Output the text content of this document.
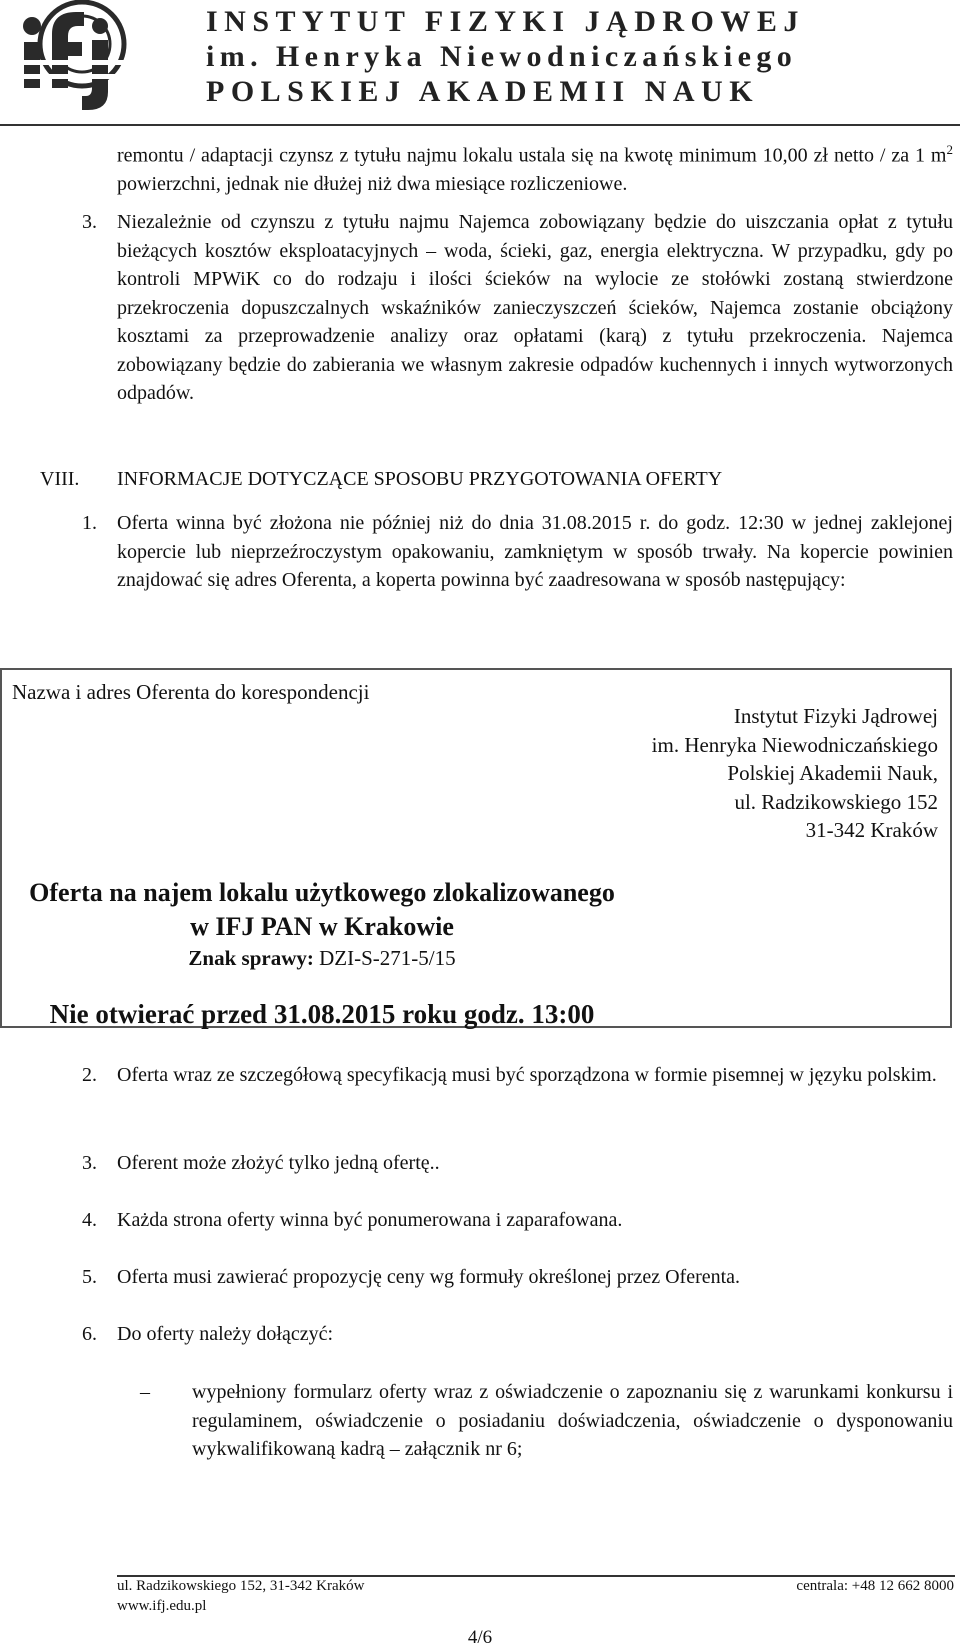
INSTYTUT FIZYKI JĄDROWEJ
im. Henryka Niewodniczańskiego
POLSKIEJ AKADEMII NAUK
remontu / adaptacji czynsz z tytułu najmu lokalu ustala się na kwotę minimum 10,00 zł netto / za 1 $m^2$ powierzchni, jednak nie dłużej niż dwa miesiące rozliczeniowe.
3. Niezależnie od czynszu z tytułu najmu Najemca zobowiązany będzie do uiszczania opłat z tytułu bieżących kosztów eksploatacyjnych – woda, ścieki, gaz, energia elektryczna. W przypadku, gdy po kontroli MPWiK co do rodzaju i ilości ścieków na wylocie ze stołówki zostaną stwierdzone przekroczenia dopuszczalnych wskaźników zanieczyszczeń ścieków, Najemca zostanie obciążony kosztami za przeprowadzenie analizy oraz opłatami (karą) z tytułu przekroczenia. Najemca zobowiązany będzie do zabierania we własnym zakresie odpadów kuchennych i innych wytworzonych odpadów.
VIII. INFORMACJE DOTYCZĄCE SPOSOBU PRZYGOTOWANIA OFERTY
1. Oferta winna być złożona nie później niż do dnia 31.08.2015 r. do godz. 12:30 w jednej zaklejonej kopercie lub nieprzeźroczystym opakowaniu, zamkniętym w sposób trwały. Na kopercie powinien znajdować się adres Oferenta, a koperta powinna być zaadresowana w sposób następujący:
Nazwa i adres Oferenta do korespondencji
Instytut Fizyki Jądrowej
im. Henryka Niewodniczańskiego
Polskiej Akademii Nauk,
ul. Radzikowskiego 152
31-342 Kraków
Oferta na najem lokalu użytkowego zlokalizowanego
w IFJ PAN w Krakowie
Znak sprawy: DZI-S-271-5/15
Nie otwierać przed 31.08.2015 roku godz. 13:00
2. Oferta wraz ze szczegółową specyfikacją musi być sporządzona w formie pisemnej w języku polskim.
3. Oferent może złożyć tylko jedną ofertę..
4. Każda strona oferty winna być ponumerowana i zaparafowana.
5. Oferta musi zawierać propozycję ceny wg formuły określonej przez Oferenta.
6. Do oferty należy dołączyć:
– wypełniony formularz oferty wraz z oświadczenie o zapoznaniu się z warunkami konkursu i regulaminem, oświadczenie o posiadaniu doświadczenia, oświadczenie o dysponowaniu wykwalifikowaną kadrą – załącznik nr 6;
ul. Radzikowskiego 152, 31-342 Kraków
www.ifj.edu.pl
centrala: +48 12 662 8000
4/6
